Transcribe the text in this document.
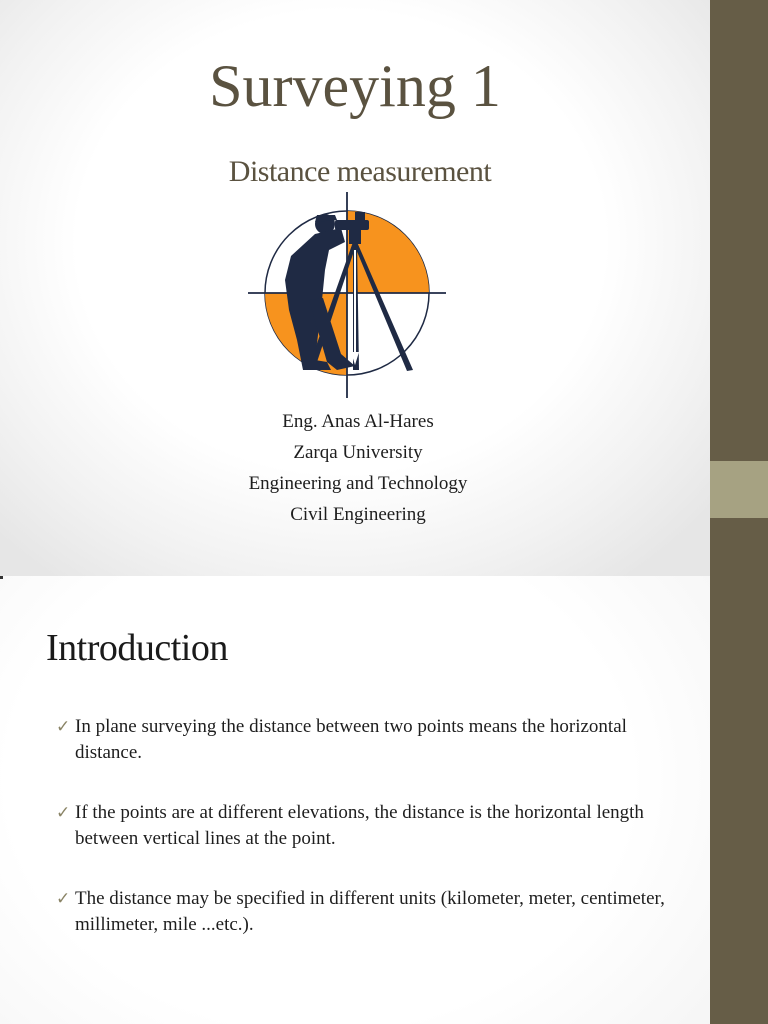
Surveying 1
Distance measurement
Eng. Anas Al-Hares
Zarqa University
Engineering and Technology
Civil Engineering
Introduction
✓ In plane surveying the distance between two points means the horizontal distance.
✓ If the points are at different elevations, the distance is the horizontal length between vertical lines at the point.
✓ The distance may be specified in different units (kilometer, meter, centimeter, millimeter, mile ...etc.).
